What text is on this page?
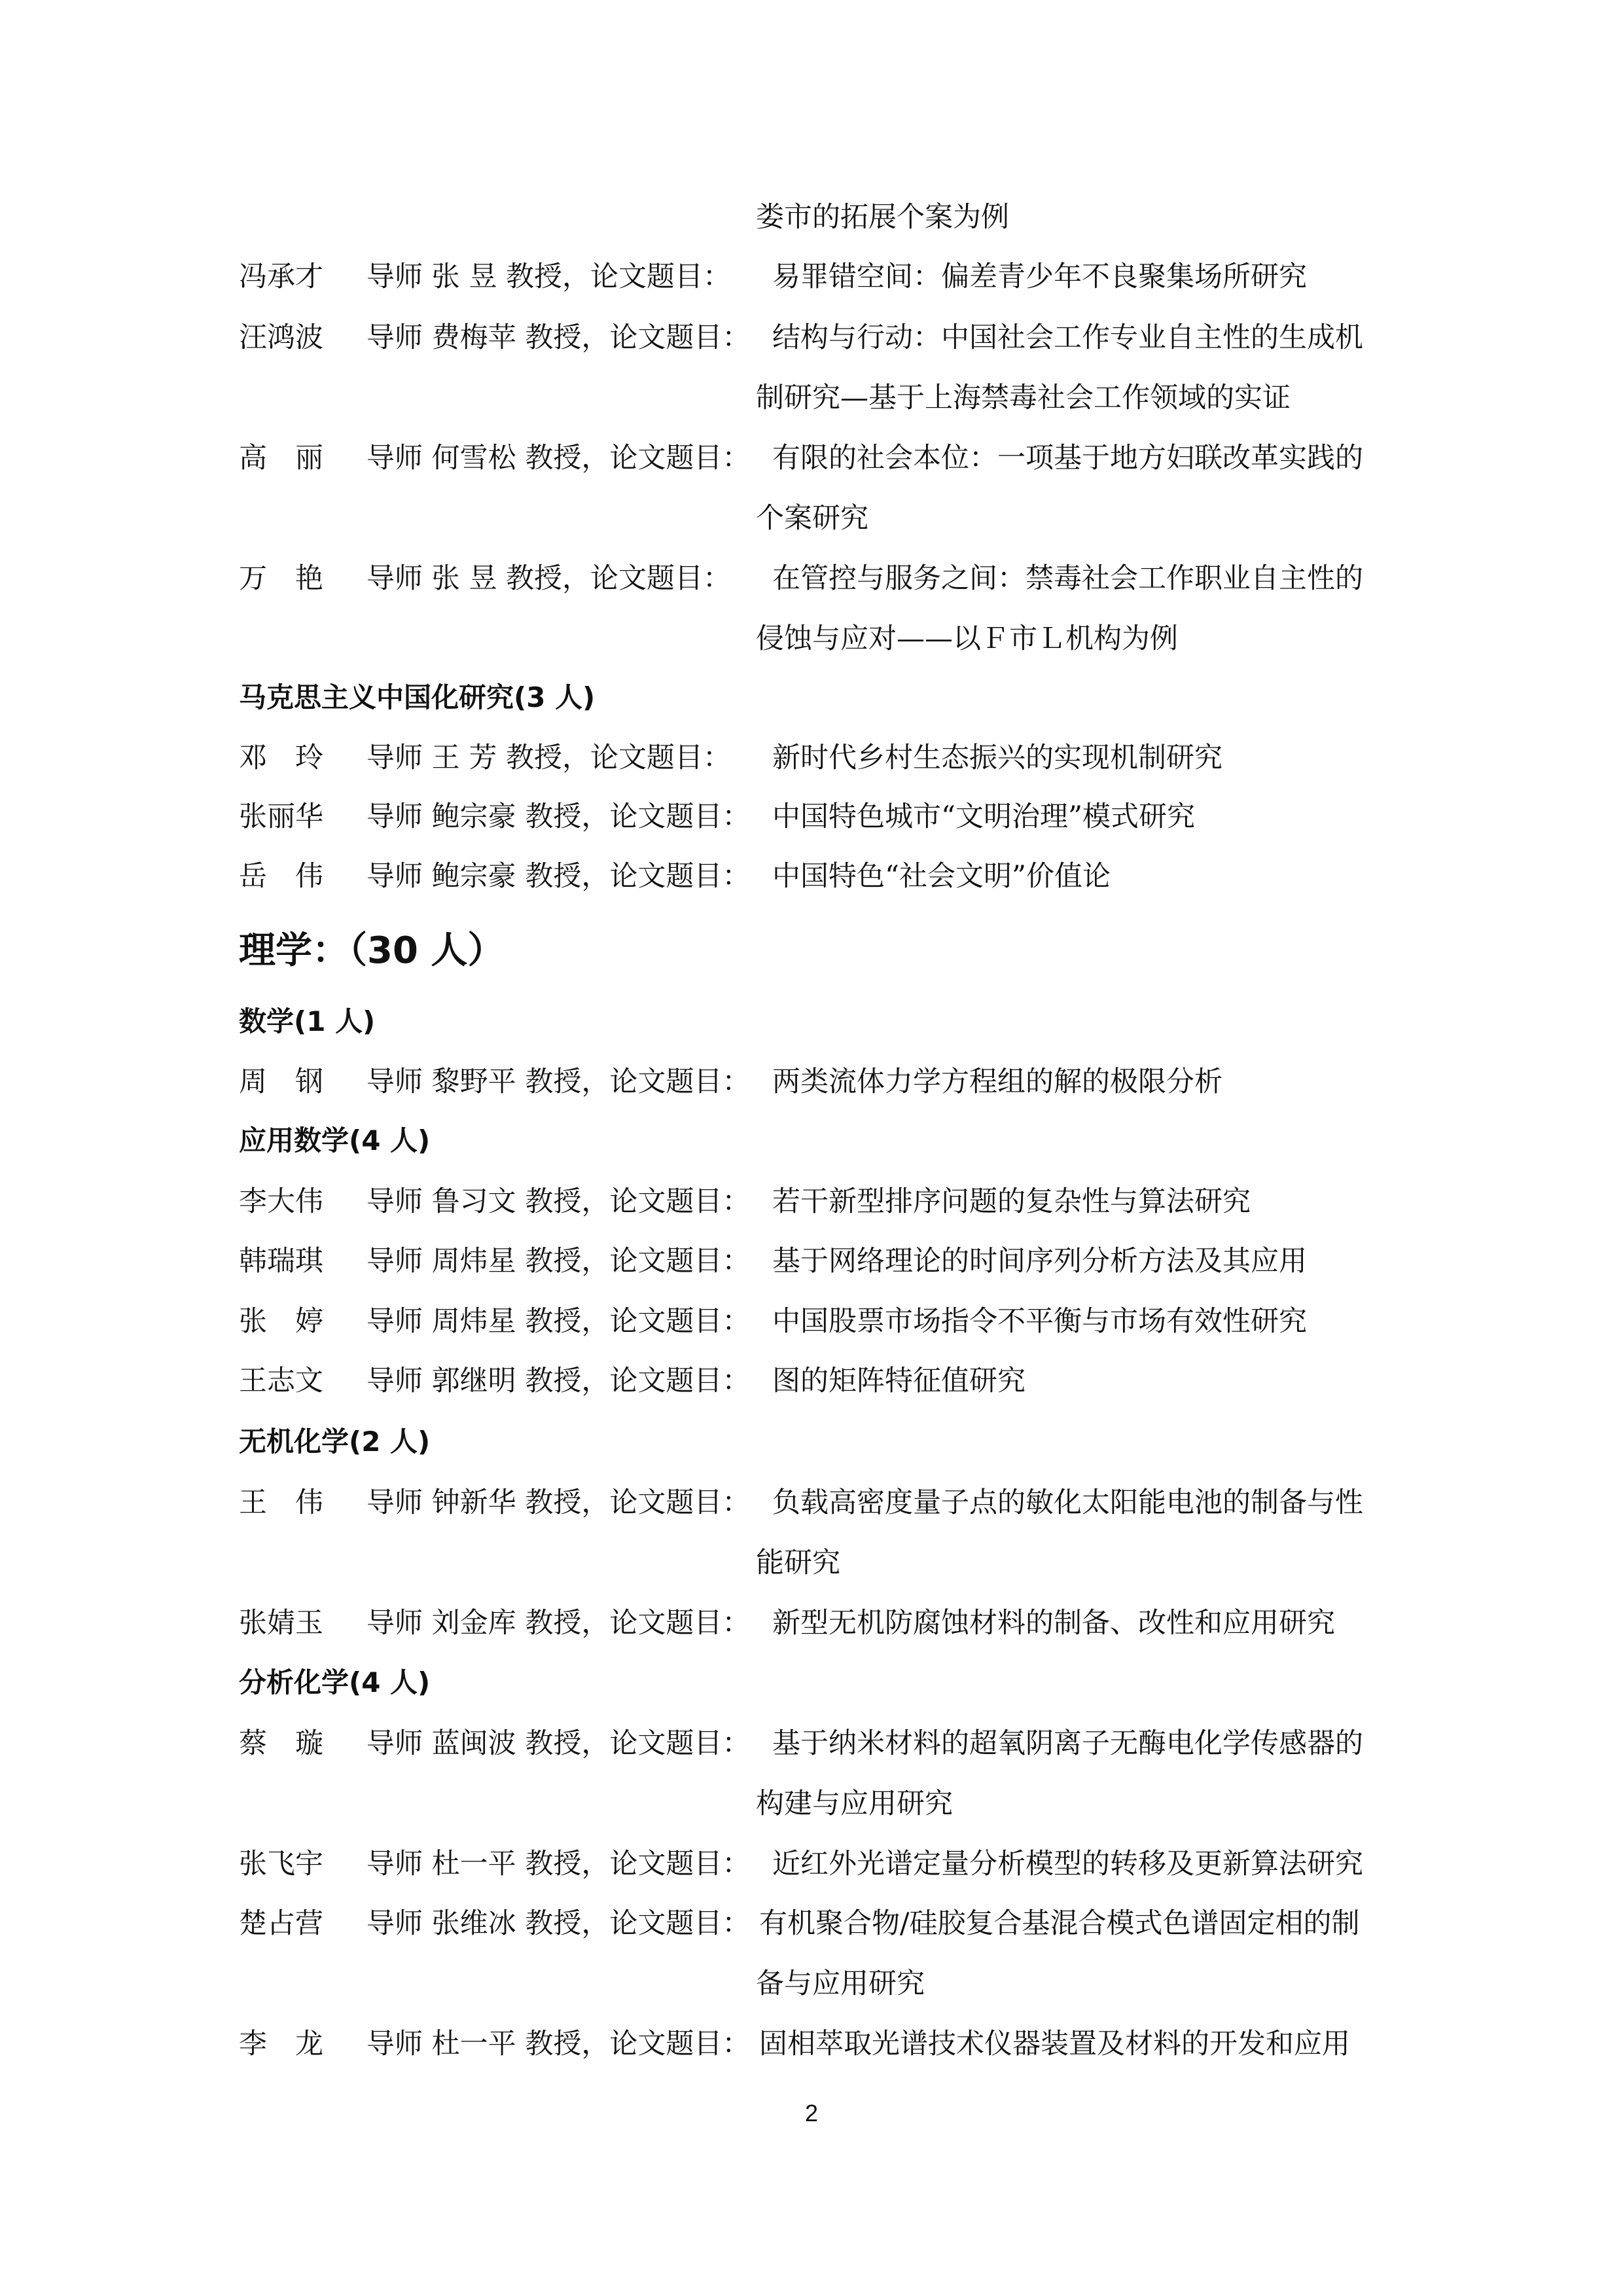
娄市的拓展个案为例
冯承才 导师 张 昱 教授，论文题目： 易罪错空间：偏差青少年不良聚集场所研究
汪鸿波 导师 费梅苹 教授，论文题目： 结构与行动：中国社会工作专业自主性的生成机
制研究—基于上海禁毒社会工作领域的实证
高　丽 导师 何雪松 教授，论文题目： 有限的社会本位：一项基于地方妇联改革实践的
个案研究
万　艳 导师 张 昱 教授，论文题目： 在管控与服务之间：禁毒社会工作职业自主性的
侵蚀与应对——以Ｆ市Ｌ机构为例
马克思主义中国化研究(3 人)
邓　玲 导师 王 芳 教授，论文题目： 新时代乡村生态振兴的实现机制研究
张丽华 导师 鲍宗豪 教授，论文题目： 中国特色城市“文明治理”模式研究
岳　伟 导师 鲍宗豪 教授，论文题目： 中国特色“社会文明”价值论
理学：（30 人）
数学(1 人)
周　钢 导师 黎野平 教授，论文题目： 两类流体力学方程组的解的极限分析
应用数学(4 人)
李大伟 导师 鲁习文 教授，论文题目： 若干新型排序问题的复杂性与算法研究
韩瑞琪 导师 周炜星 教授，论文题目： 基于网络理论的时间序列分析方法及其应用
张　婷 导师 周炜星 教授，论文题目： 中国股票市场指令不平衡与市场有效性研究
王志文 导师 郭继明 教授，论文题目： 图的矩阵特征值研究
无机化学(2 人)
王　伟 导师 钟新华 教授，论文题目： 负载高密度量子点的敏化太阳能电池的制备与性
能研究
张婧玉 导师 刘金库 教授，论文题目： 新型无机防腐蚀材料的制备、改性和应用研究
分析化学(4 人)
蔡　璇 导师 蓝闽波 教授，论文题目： 基于纳米材料的超氧阴离子无酶电化学传感器的
构建与应用研究
张飞宇 导师 杜一平 教授，论文题目： 近红外光谱定量分析模型的转移及更新算法研究
楚占营 导师 张维冰 教授，论文题目： 有机聚合物/硅胶复合基混合模式色谱固定相的制
备与应用研究
李　龙 导师 杜一平 教授，论文题目： 固相萃取光谱技术仪器装置及材料的开发和应用
2
